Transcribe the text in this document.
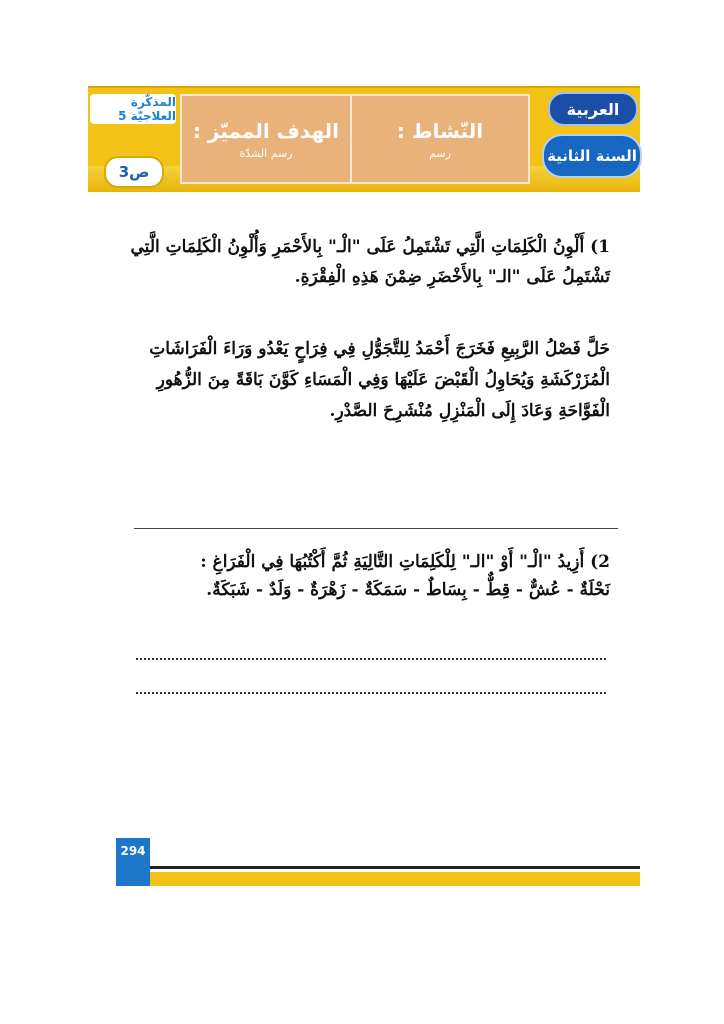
العربية
السنة الثانية
النّشاط :
رسم
الهدف المميّز :
رسم الشدّة
المذكّرة العلاجيّة 5
3ص
1) أَلْوِنُ الْكَلِمَاتِ الَّتِي تَشْتَمِلُ عَلَى "الْـ" بِالأَحْمَرِ وَأُلْوِنُ الْكَلِمَاتِ الَّتِي تَشْتَمِلُ عَلَى "الـ" بِالأَخْضَرِ ضِمْنَ هَذِهِ الْفِقْرَةِ.
حَلَّ فَصْلُ الرَّبِيعِ فَخَرَجَ أَحْمَدُ لِلتَّجَوُّلِ فِي فِرَاحٍ يَعْدُو وَرَاءَ الْفَرَاشَاتِ الْمُزَرْكَشَةِ وَيُحَاوِلُ الْقَبْضَ عَلَيْهَا وَفِي الْمَسَاءِ كَوَّنَ بَاقَةً مِنَ الزُّهُورِ الْفَوَّاحَةِ وَعَادَ إِلَى الْمَنْزِلِ مُنْشَرِحَ الصَّدْرِ.
2) أَزِيدُ "الْـ" أَوْ "الـ" لِلْكَلِمَاتِ التَّالِيَةِ ثُمَّ أَكْتُبُهَا فِي الْفَرَاغِ :
نَحْلَةٌ - عُشٌّ - قِطٌّ - بِسَاطٌ - سَمَكَةٌ - زَهْرَةٌ - وَلَدٌ - شَبَكَةٌ.
294
